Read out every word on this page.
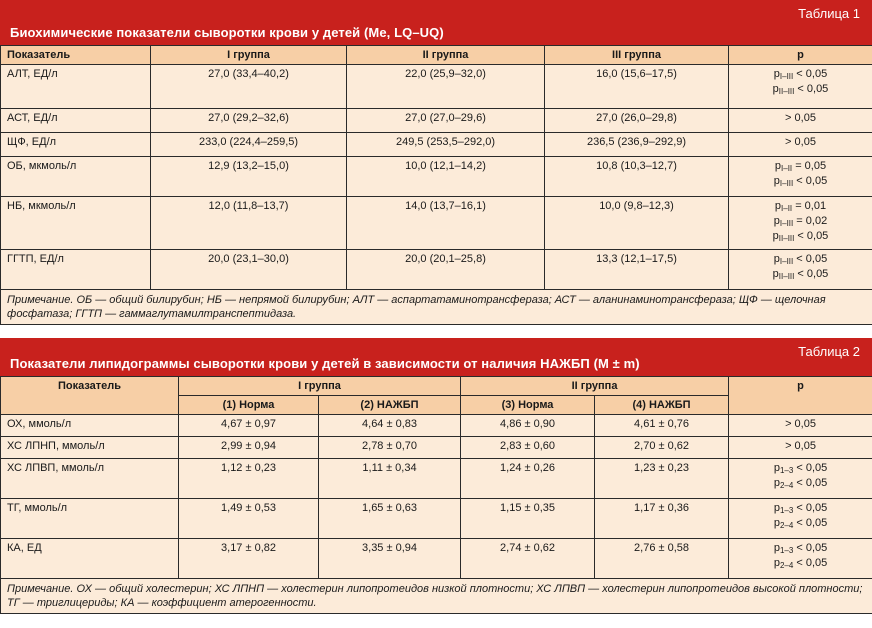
Таблица 1
Биохимические показатели сыворотки крови у детей (Ме, LQ–UQ)
Показатель	I группа	II группа	III группа	p
АЛТ, ЕД/л	27,0 (33,4–40,2)	22,0 (25,9–32,0)	16,0 (15,6–17,5)	$p_{I-III} < 0,05$
$p_{II-III} < 0,05$

АСТ, ЕД/л	27,0 (29,2–32,6)	27,0 (27,0–29,6)	27,0 (26,0–29,8)	> 0,05

ЩФ, ЕД/л	233,0 (224,4–259,5)	249,5 (253,5–292,0)	236,5 (236,9–292,9)	> 0,05

ОБ, мкмоль/л	12,9 (13,2–15,0)	10,0 (12,1–14,2)	10,8 (10,3–12,7)	$p_{I-II} = 0,05$
$p_{I-III} < 0,05$

НБ, мкмоль/л	12,0 (11,8–13,7)	14,0 (13,7–16,1)	10,0 (9,8–12,3)	$p_{I-II} = 0,01$
$p_{I-III} = 0,02$
$p_{II-III} < 0,05$

ГГТП, ЕД/л	20,0 (23,1–30,0)	20,0 (20,1–25,8)	13,3 (12,1–17,5)	$p_{I-III} < 0,05$
$p_{II-III} < 0,05$

Примечание. ОБ — общий билирубин; НБ — непрямой билирубин; АЛТ — аспартатаминотрансфераза; АСТ — аланинаминотрансфераза; ЩФ — щелочная фосфатаза; ГГТП — гаммаглутамилтранспептидаза.				
Таблица 2
Показатели липидограммы сыворотки крови у детей в зависимости от наличия НАЖБП (M ± m)
Показатель	I группа		II группа		p
	(1) Норма	(2) НАЖБП	(3) Норма	(4) НАЖБП	
ОХ, ммоль/л	4,67 ± 0,97	4,64 ± 0,83	4,86 ± 0,90	4,61 ± 0,76	> 0,05

ХС ЛПНП, ммоль/л	2,99 ± 0,94	2,78 ± 0,70	2,83 ± 0,60	2,70 ± 0,62	> 0,05

ХС ЛПВП, ммоль/л	1,12 ± 0,23	1,11 ± 0,34	1,24 ± 0,26	1,23 ± 0,23	$p_{1-3} < 0,05$
$p_{2-4} < 0,05$

ТГ, ммоль/л	1,49 ± 0,53	1,65 ± 0,63	1,15 ± 0,35	1,17 ± 0,36	$p_{1-3} < 0,05$
$p_{2-4} < 0,05$

КА, ЕД	3,17 ± 0,82	3,35 ± 0,94	2,74 ± 0,62	2,76 ± 0,58	$p_{1-3} < 0,05$
$p_{2-4} < 0,05$

Примечание. ОХ — общий холестерин; ХС ЛПНП — холестерин липопротеидов низкой плотности; ХС ЛПВП — холестерин липопротеидов высокой плотности; ТГ — триглицериды; КА — коэффициент атерогенности.					
